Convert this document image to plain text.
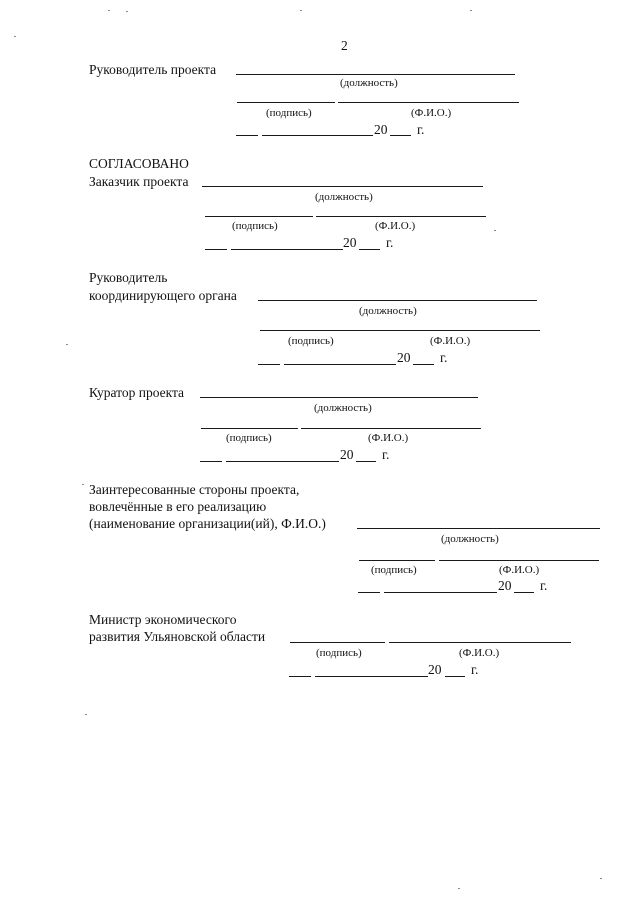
2
Руководитель проекта
(должность)
(подпись)	(Ф.И.О.)
20 г.
СОГЛАСОВАНО
Заказчик проекта
(должность)
(подпись)	(Ф.И.О.)
20 г.
Руководитель
координирующего органа
(должность)
(подпись)	(Ф.И.О.)
20 г.
Куратор проекта
(должность)
(подпись)	(Ф.И.О.)
20 г.
Заинтересованные стороны проекта,
вовлечённые в его реализацию
(наименование организации(ий), Ф.И.О.)
(должность)
(подпись)	(Ф.И.О.)
20 г.
Министр экономического
развития Ульяновской области
(подпись)	(Ф.И.О.)
20 г.
